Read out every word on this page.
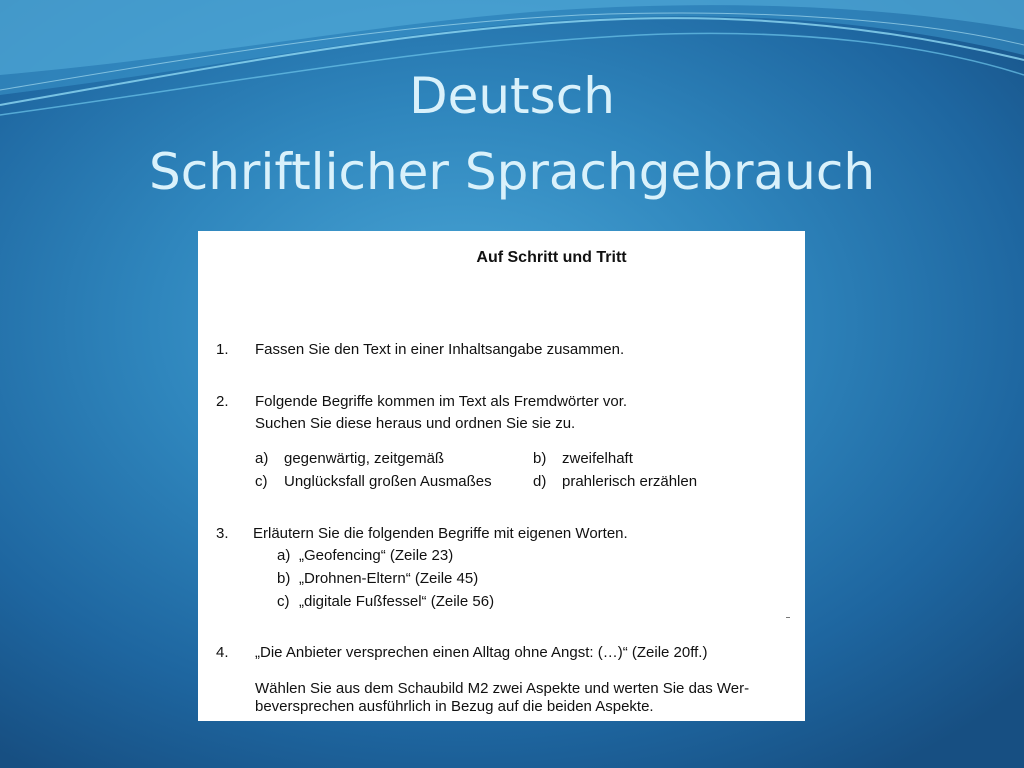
Deutsch
Schriftlicher Sprachgebrauch
Auf Schritt und Tritt
1. Fassen Sie den Text in einer Inhaltsangabe zusammen.
2. Folgende Begriffe kommen im Text als Fremdwörter vor.
Suchen Sie diese heraus und ordnen Sie sie zu.
a) gegenwärtig, zeitgemäß	b) zweifelhaft
c) Unglücksfall großen Ausmaßes	d) prahlerisch erzählen
3. Erläutern Sie die folgenden Begriffe mit eigenen Worten.
a) „Geofencing“ (Zeile 23)
b) „Drohnen-Eltern“ (Zeile 45)
c) „digitale Fußfessel“ (Zeile 56)
4. „Die Anbieter versprechen einen Alltag ohne Angst: (…)“ (Zeile 20ff.)
Wählen Sie aus dem Schaubild M2 zwei Aspekte und werten Sie das Wer-
beversprechen ausführlich in Bezug auf die beiden Aspekte.
